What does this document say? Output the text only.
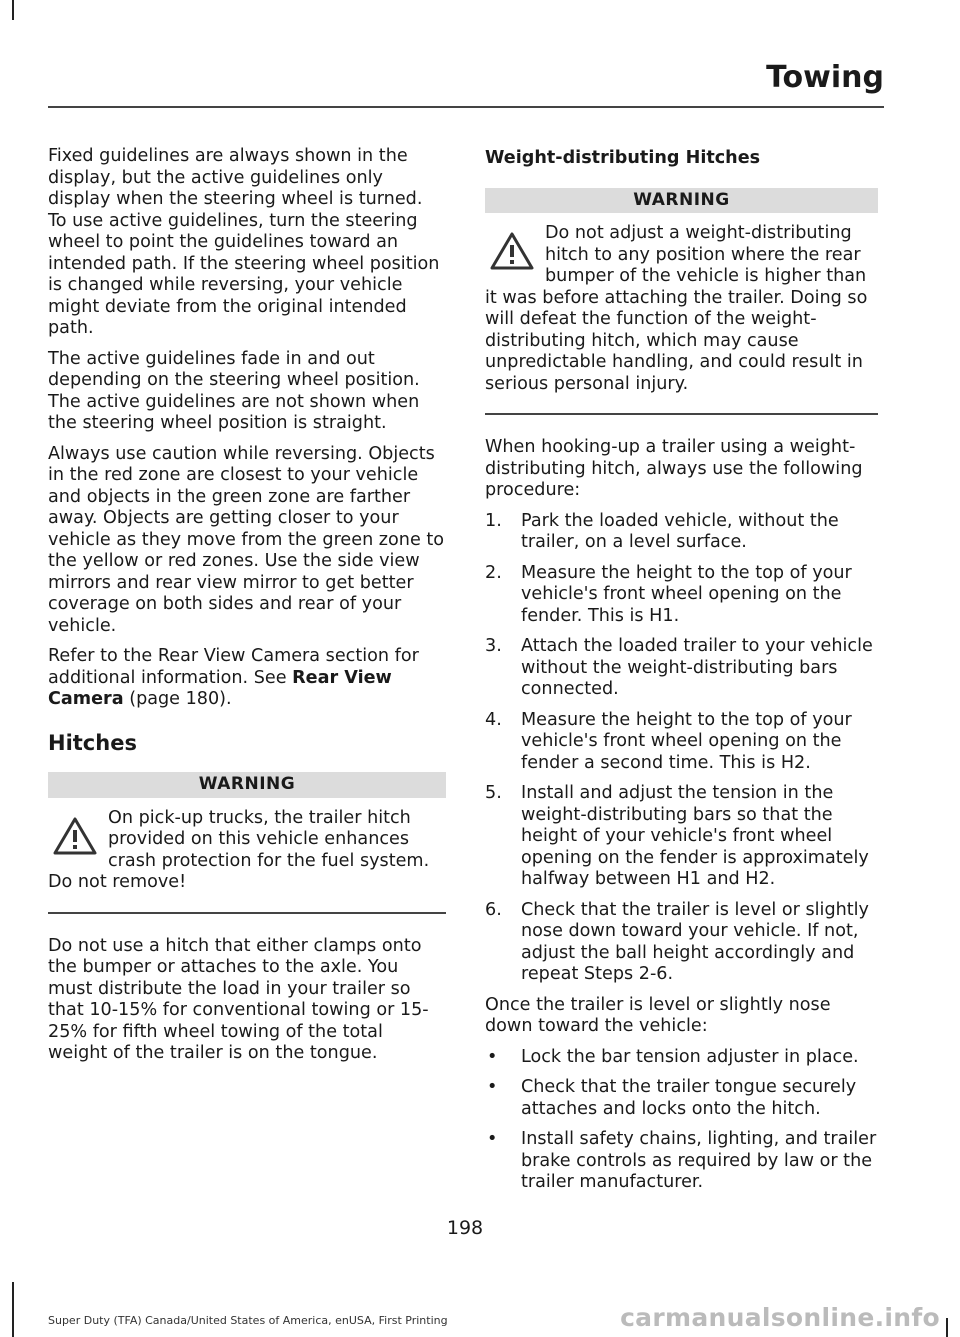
Towing

Fixed guidelines are always shown in the display, but the active guidelines only display when the steering wheel is turned. To use active guidelines, turn the steering wheel to point the guidelines toward an intended path. If the steering wheel position is changed while reversing, your vehicle might deviate from the original intended path.

The active guidelines fade in and out depending on the steering wheel position. The active guidelines are not shown when the steering wheel position is straight.

Always use caution while reversing. Objects in the red zone are closest to your vehicle and objects in the green zone are farther away. Objects are getting closer to your vehicle as they move from the green zone to the yellow or red zones. Use the side view mirrors and rear view mirror to get better coverage on both sides and rear of your vehicle.

Refer to the Rear View Camera section for additional information. See Rear View Camera (page 180).

Hitches
WARNING
On pick-up trucks, the trailer hitch provided on this vehicle enhances crash protection for the fuel system. Do not remove!

Do not use a hitch that either clamps onto the bumper or attaches to the axle. You must distribute the load in your trailer so that 10-15% for conventional towing or 15-25% for fifth wheel towing of the total weight of the trailer is on the tongue.

Weight-distributing Hitches
WARNING
Do not adjust a weight-distributing hitch to any position where the rear bumper of the vehicle is higher than it was before attaching the trailer. Doing so will defeat the function of the weight-distributing hitch, which may cause unpredictable handling, and could result in serious personal injury.

When hooking-up a trailer using a weight-distributing hitch, always use the following procedure:

1. Park the loaded vehicle, without the trailer, on a level surface.
2. Measure the height to the top of your vehicle's front wheel opening on the fender. This is H1.
3. Attach the loaded trailer to your vehicle without the weight-distributing bars connected.
4. Measure the height to the top of your vehicle's front wheel opening on the fender a second time. This is H2.
5. Install and adjust the tension in the weight-distributing bars so that the height of your vehicle's front wheel opening on the fender is approximately halfway between H1 and H2.
6. Check that the trailer is level or slightly nose down toward your vehicle. If not, adjust the ball height accordingly and repeat Steps 2-6.

Once the trailer is level or slightly nose down toward the vehicle:

• Lock the bar tension adjuster in place.
• Check that the trailer tongue securely attaches and locks onto the hitch.
• Install safety chains, lighting, and trailer brake controls as required by law or the trailer manufacturer.
198
Super Duty (TFA) Canada/United States of America, enUSA, First Printing	carmanualsonline.info
